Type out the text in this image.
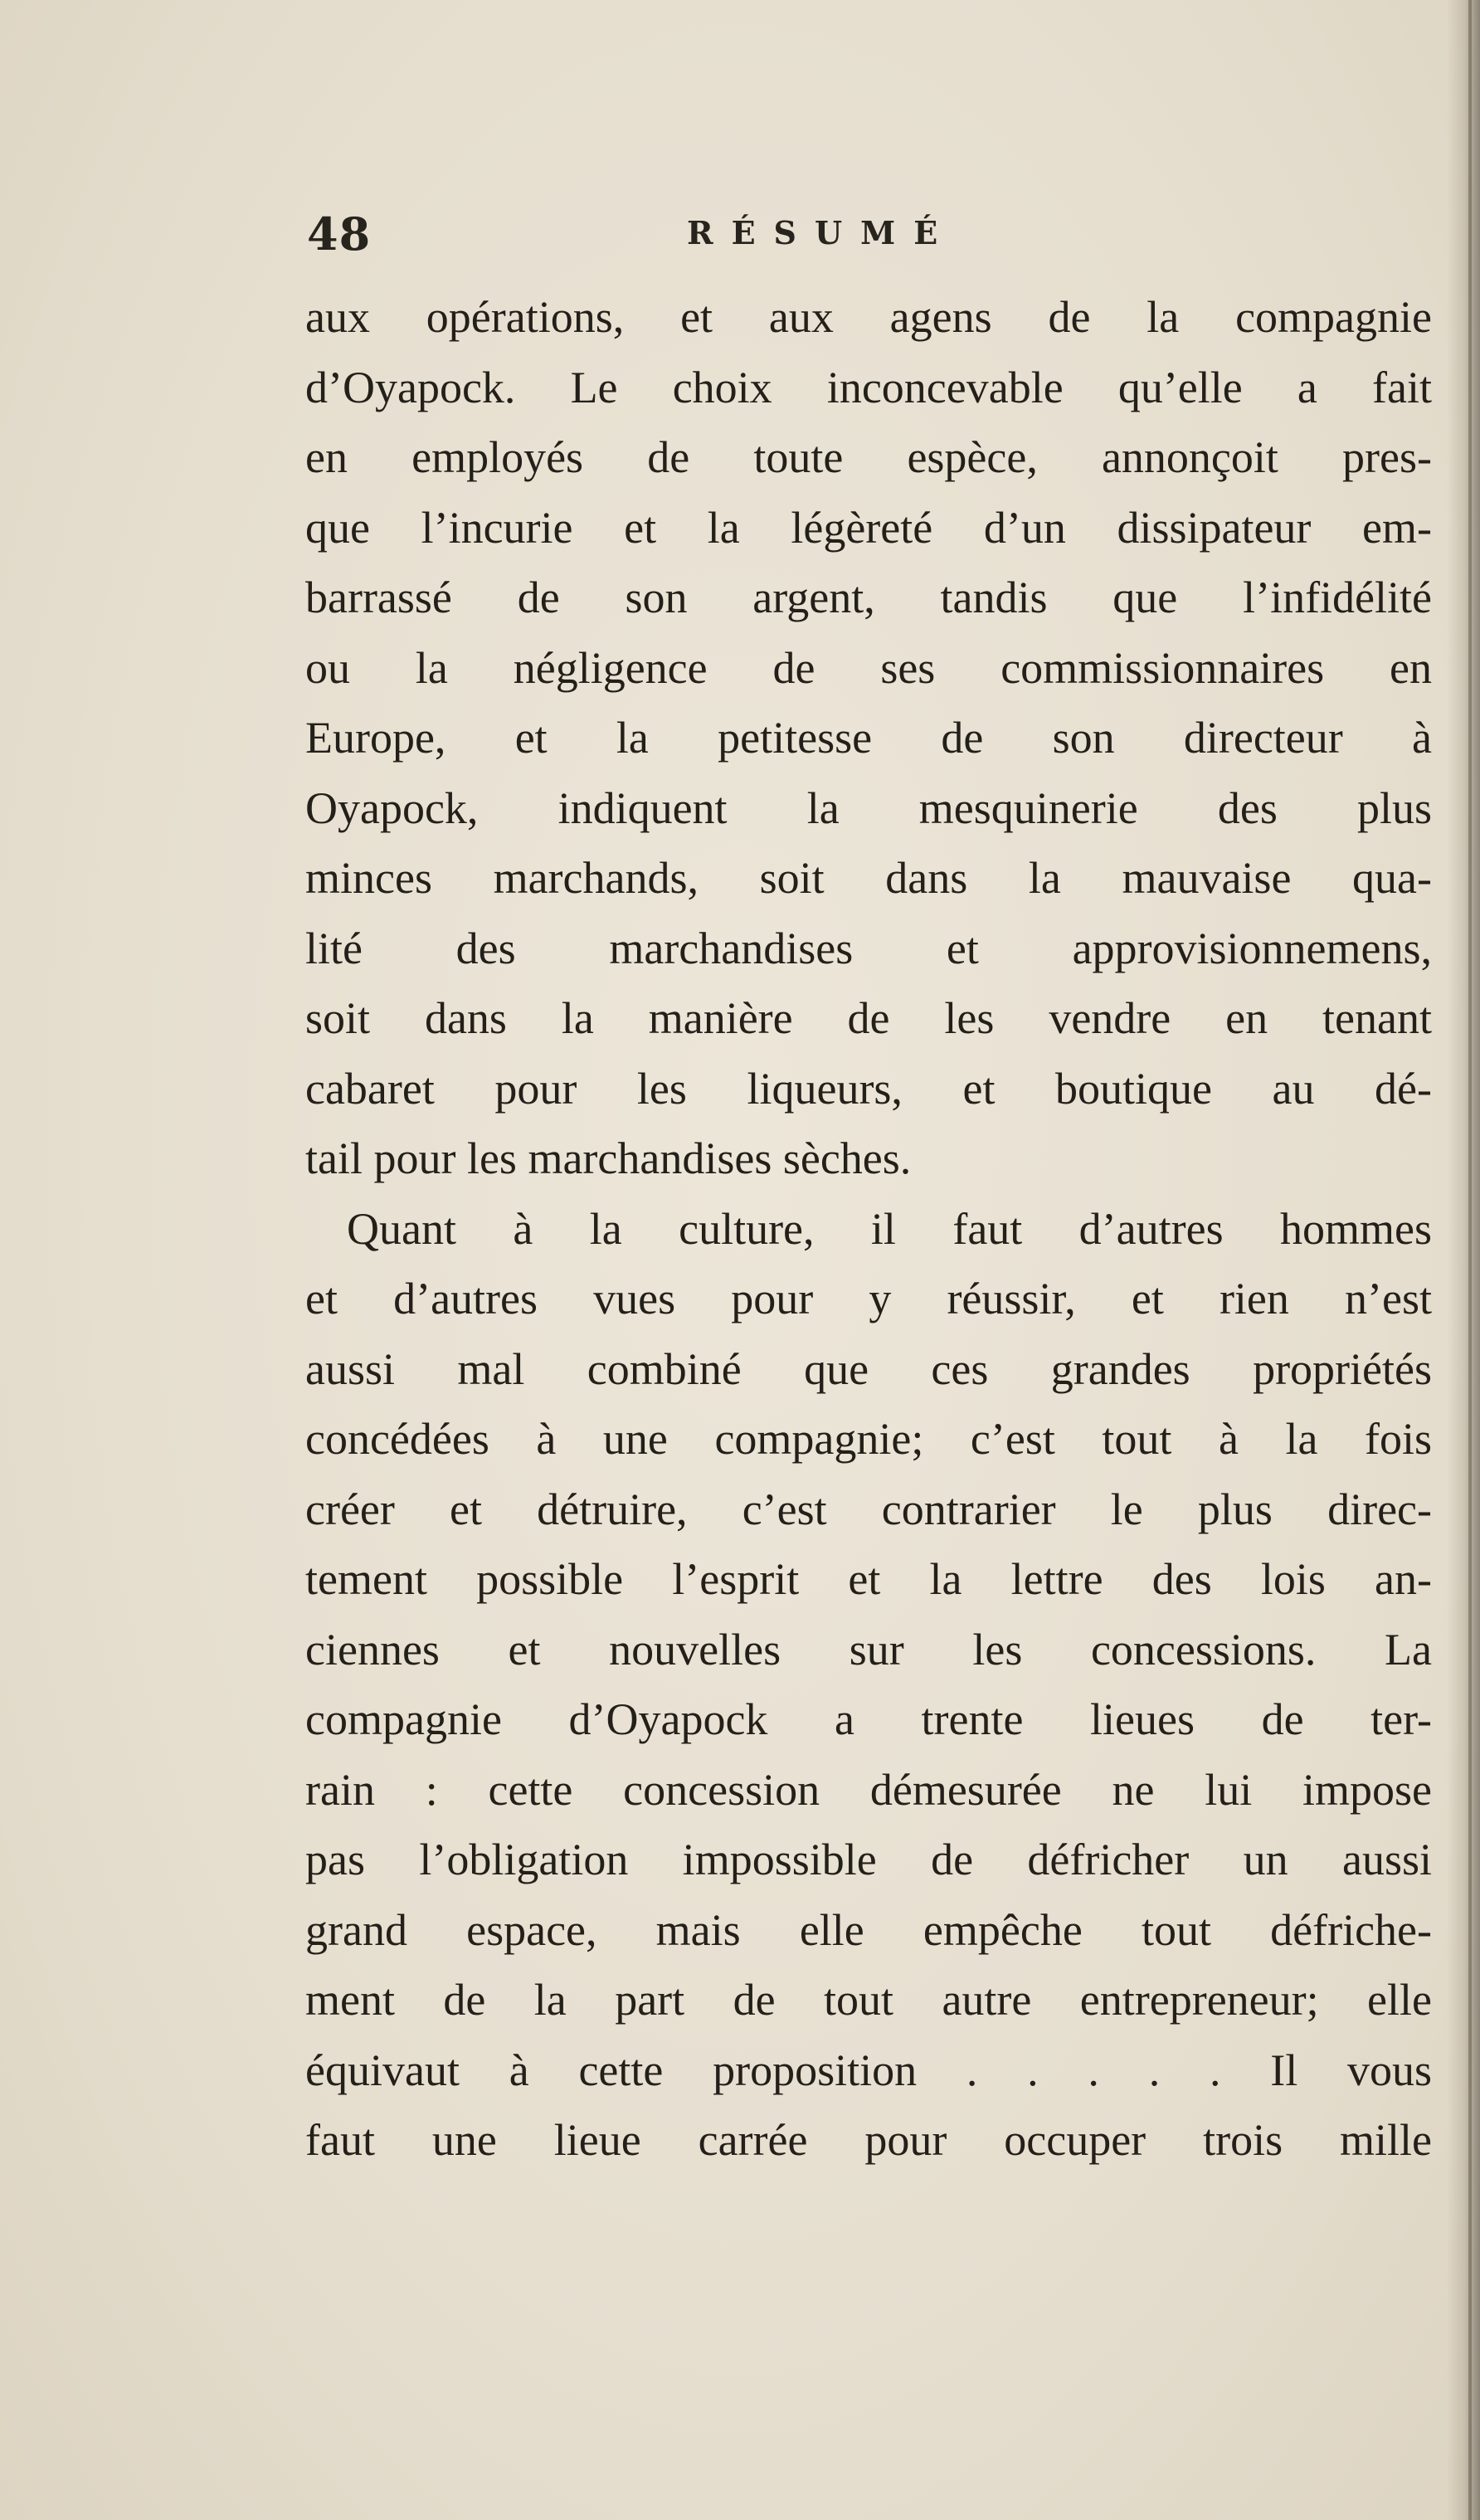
48	RÉSUMÉ
aux opérations, et aux agens de la compagnie
d’Oyapock. Le choix inconcevable qu’elle a fait
en employés de toute espèce, annonçoit pres-
que l’incurie et la légèreté d’un dissipateur em-
barrassé de son argent, tandis que l’infidélité
ou la négligence de ses commissionnaires en
Europe, et la petitesse de son directeur à
Oyapock, indiquent la mesquinerie des plus
minces marchands, soit dans la mauvaise qua-
lité des marchandises et approvisionnemens,
soit dans la manière de les vendre en tenant
cabaret pour les liqueurs, et boutique au dé-
tail pour les marchandises sèches.
Quant à la culture, il faut d’autres hommes
et d’autres vues pour y réussir, et rien n’est
aussi mal combiné que ces grandes propriétés
concédées à une compagnie; c’est tout à la fois
créer et détruire, c’est contrarier le plus direc-
tement possible l’esprit et la lettre des lois an-
ciennes et nouvelles sur les concessions. La
compagnie d’Oyapock a trente lieues de ter-
rain : cette concession démesurée ne lui impose
pas l’obligation impossible de défricher un aussi
grand espace, mais elle empêche tout défriche-
ment de la part de tout autre entrepreneur; elle
équivaut à cette proposition . . . . . Il vous
faut une lieue carrée pour occuper trois mille
